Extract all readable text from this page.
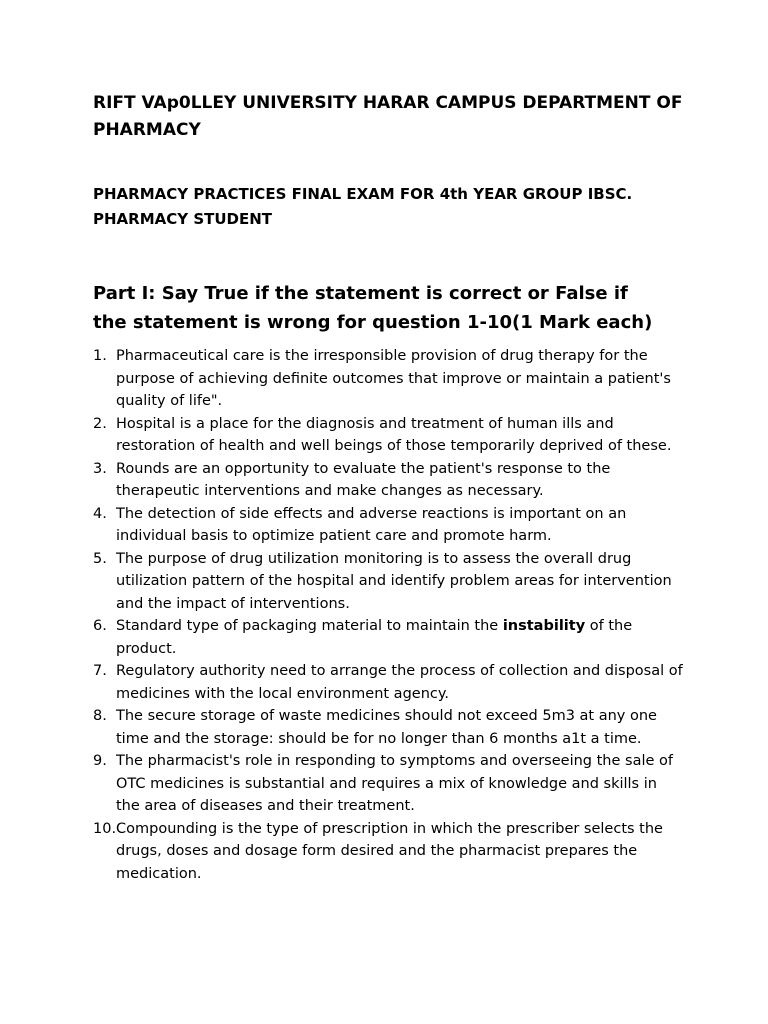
RIFT VAp0LLEY UNIVERSITY HARAR CAMPUS DEPARTMENT OF PHARMACY
PHARMACY PRACTICES FINAL EXAM FOR 4th YEAR GROUP IBSC. PHARMACY STUDENT
Part I: Say True if the statement is correct or False if the statement is wrong for question 1-10(1 Mark each)
1. Pharmaceutical care is the irresponsible provision of drug therapy for the purpose of achieving definite outcomes that improve or maintain a patient's quality of life".
2. Hospital is a place for the diagnosis and treatment of human ills and restoration of health and well beings of those temporarily deprived of these.
3. Rounds are an opportunity to evaluate the patient's response to the therapeutic interventions and make changes as necessary.
4. The detection of side effects and adverse reactions is important on an individual basis to optimize patient care and promote harm.
5. The purpose of drug utilization monitoring is to assess the overall drug utilization pattern of the hospital and identify problem areas for intervention and the impact of interventions.
6. Standard type of packaging material to maintain the instability of the product.
7. Regulatory authority need to arrange the process of collection and disposal of medicines with the local environment agency.
8. The secure storage of waste medicines should not exceed 5m3 at any one time and the storage: should be for no longer than 6 months a1t a time.
9. The pharmacist's role in responding to symptoms and overseeing the sale of OTC medicines is substantial and requires a mix of knowledge and skills in the area of diseases and their treatment.
10. Compounding is the type of prescription in which the prescriber selects the drugs, doses and dosage form desired and the pharmacist prepares the medication.
